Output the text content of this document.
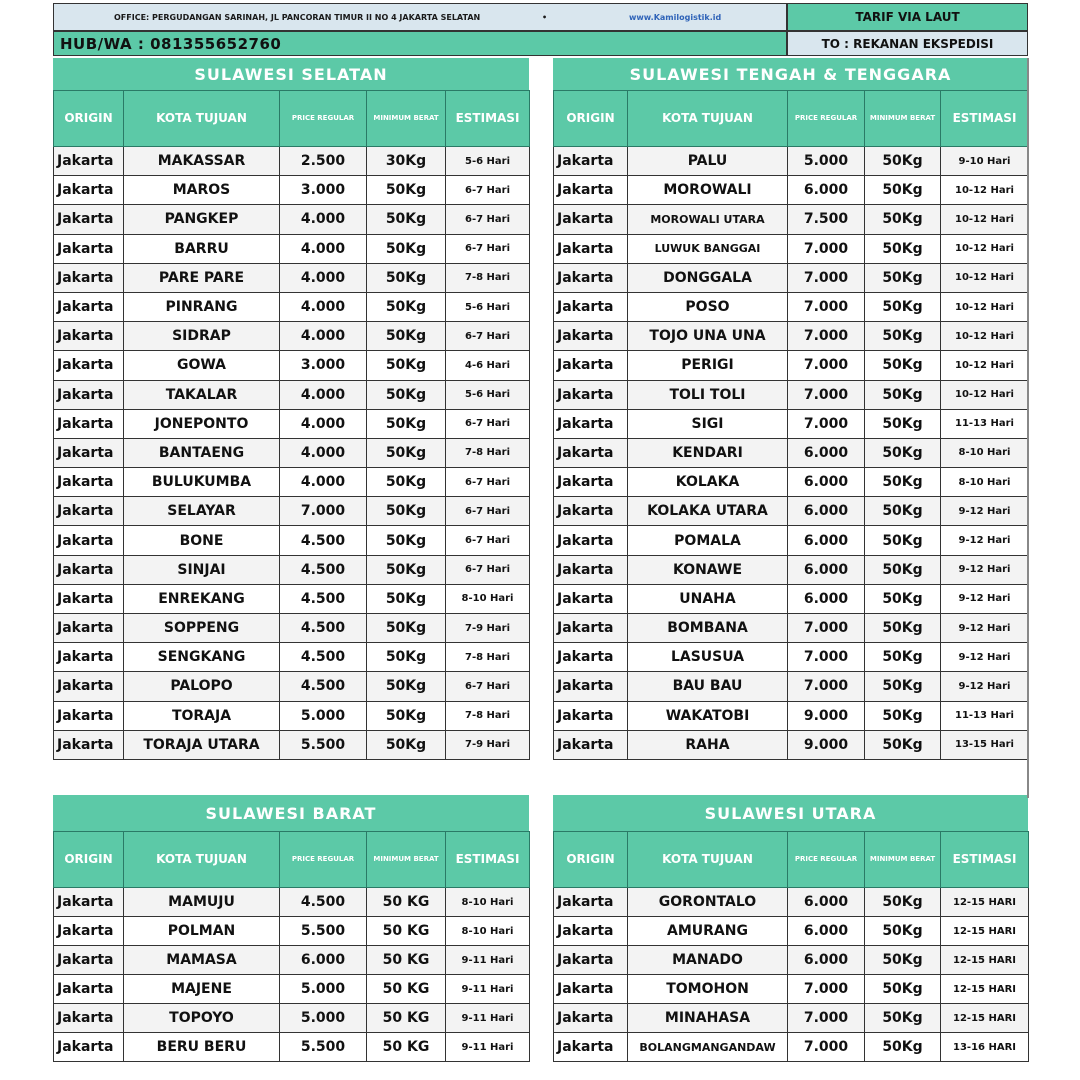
OFFICE: PERGUDANGAN SARINAH, JL PANCORAN TIMUR II NO 4 JAKARTA SELATAN	•	www.Kamilogistik.id
HUB/WA : 081355652760
TARIF VIA LAUT
TO : REKANAN EKSPEDISI
SULAWESI SELATAN
ORIGIN	KOTA TUJUAN	PRICE REGULAR	MINIMUM BERAT	ESTIMASI
Jakarta	MAKASSAR	2.500	30Kg	5-6 Hari
Jakarta	MAROS	3.000	50Kg	6-7 Hari
Jakarta	PANGKEP	4.000	50Kg	6-7 Hari
Jakarta	BARRU	4.000	50Kg	6-7 Hari
Jakarta	PARE PARE	4.000	50Kg	7-8 Hari
Jakarta	PINRANG	4.000	50Kg	5-6 Hari
Jakarta	SIDRAP	4.000	50Kg	6-7 Hari
Jakarta	GOWA	3.000	50Kg	4-6 Hari
Jakarta	TAKALAR	4.000	50Kg	5-6 Hari
Jakarta	JONEPONTO	4.000	50Kg	6-7 Hari
Jakarta	BANTAENG	4.000	50Kg	7-8 Hari
Jakarta	BULUKUMBA	4.000	50Kg	6-7 Hari
Jakarta	SELAYAR	7.000	50Kg	6-7 Hari
Jakarta	BONE	4.500	50Kg	6-7 Hari
Jakarta	SINJAI	4.500	50Kg	6-7 Hari
Jakarta	ENREKANG	4.500	50Kg	8-10 Hari
Jakarta	SOPPENG	4.500	50Kg	7-9 Hari
Jakarta	SENGKANG	4.500	50Kg	7-8 Hari
Jakarta	PALOPO	4.500	50Kg	6-7 Hari
Jakarta	TORAJA	5.000	50Kg	7-8 Hari
Jakarta	TORAJA UTARA	5.500	50Kg	7-9 Hari
SULAWESI TENGAH & TENGGARA
ORIGIN	KOTA TUJUAN	PRICE REGULAR	MINIMUM BERAT	ESTIMASI
Jakarta	PALU	5.000	50Kg	9-10 Hari
Jakarta	MOROWALI	6.000	50Kg	10-12 Hari
Jakarta	MOROWALI UTARA	7.500	50Kg	10-12 Hari
Jakarta	LUWUK BANGGAI	7.000	50Kg	10-12 Hari
Jakarta	DONGGALA	7.000	50Kg	10-12 Hari
Jakarta	POSO	7.000	50Kg	10-12 Hari
Jakarta	TOJO UNA UNA	7.000	50Kg	10-12 Hari
Jakarta	PERIGI	7.000	50Kg	10-12 Hari
Jakarta	TOLI TOLI	7.000	50Kg	10-12 Hari
Jakarta	SIGI	7.000	50Kg	11-13 Hari
Jakarta	KENDARI	6.000	50Kg	8-10 Hari
Jakarta	KOLAKA	6.000	50Kg	8-10 Hari
Jakarta	KOLAKA UTARA	6.000	50Kg	9-12 Hari
Jakarta	POMALA	6.000	50Kg	9-12 Hari
Jakarta	KONAWE	6.000	50Kg	9-12 Hari
Jakarta	UNAHA	6.000	50Kg	9-12 Hari
Jakarta	BOMBANA	7.000	50Kg	9-12 Hari
Jakarta	LASUSUA	7.000	50Kg	9-12 Hari
Jakarta	BAU BAU	7.000	50Kg	9-12 Hari
Jakarta	WAKATOBI	9.000	50Kg	11-13 Hari
Jakarta	RAHA	9.000	50Kg	13-15 Hari
SULAWESI BARAT
ORIGIN	KOTA TUJUAN	PRICE REGULAR	MINIMUM BERAT	ESTIMASI
Jakarta	MAMUJU	4.500	50 KG	8-10 Hari
Jakarta	POLMAN	5.500	50 KG	8-10 Hari
Jakarta	MAMASA	6.000	50 KG	9-11 Hari
Jakarta	MAJENE	5.000	50 KG	9-11 Hari
Jakarta	TOPOYO	5.000	50 KG	9-11 Hari
Jakarta	BERU BERU	5.500	50 KG	9-11 Hari
SULAWESI UTARA
ORIGIN	KOTA TUJUAN	PRICE REGULAR	MINIMUM BERAT	ESTIMASI
Jakarta	GORONTALO	6.000	50Kg	12-15 HARI
Jakarta	AMURANG	6.000	50Kg	12-15 HARI
Jakarta	MANADO	6.000	50Kg	12-15 HARI
Jakarta	TOMOHON	7.000	50Kg	12-15 HARI
Jakarta	MINAHASA	7.000	50Kg	12-15 HARI
Jakarta	BOLANGMANGANDAW	7.000	50Kg	13-16 HARI
